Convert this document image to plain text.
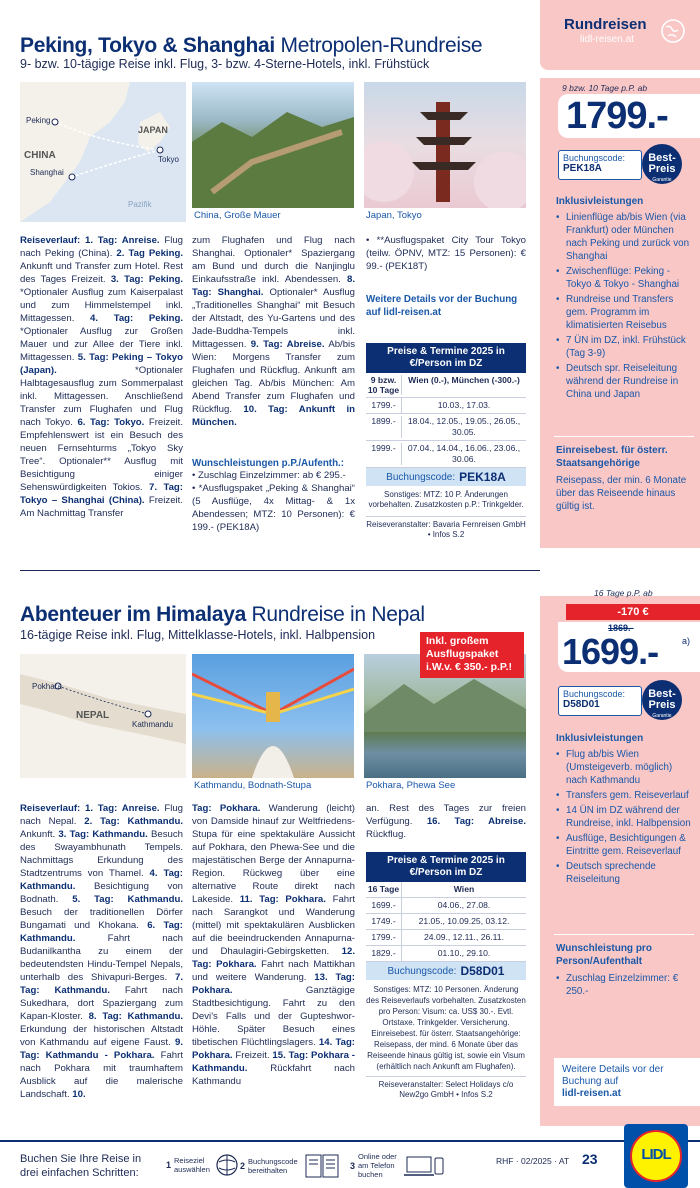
Rundreisen
lidl-reisen.at
Peking, Tokyo & Shanghai Metropolen-Rundreise
9- bzw. 10-tägige Reise inkl. Flug, 3- bzw. 4-Sterne-Hotels, inkl. Frühstück
Peking
JAPAN
CHINA	Tokyo
Shanghai
Pazifik
China, Große Mauer	Japan, Tokyo
Reiseverlauf: 1. Tag: Anreise. Flug nach Peking (China). 2. Tag Peking. Ankunft und Transfer zum Hotel. Rest des Tages Freizeit. 3. Tag: Peking. *Optionaler Ausflug zum Kaiserpalast und zum Himmelstempel inkl. Mittagessen. 4. Tag: Peking. *Optionaler Ausflug zur Großen Mauer und zur Allee der Tiere inkl. Mittagessen. 5. Tag: Peking – Tokyo (Japan). *Optionaler Halbtagesausflug zum Sommerpalast inkl. Mittagessen. Anschließend Transfer zum Flughafen und Flug nach Tokyo. 6. Tag: Tokyo. Freizeit. Empfehlenswert ist ein Besuch des neuen Fernsehturms „Tokyo Sky Tree“. Optionaler** Ausflug mit Besichtigung einiger Sehenswürdigkeiten Tokios. 7. Tag: Tokyo – Shanghai (China). Freizeit. Am Nachmittag Transfer
zum Flughafen und Flug nach Shanghai. Optionaler* Spaziergang am Bund und durch die Nanjinglu Einkaufsstraße inkl. Abendessen. 8. Tag: Shanghai. Optionaler* Ausflug „Traditionelles Shanghai“ mit Besuch der Altstadt, des Yu-Gartens und des Jade-Buddha-Tempels inkl. Mittagessen. 9. Tag: Abreise. Ab/bis Wien: Morgens Transfer zum Flughafen und Rückflug. Ankunft am gleichen Tag. Ab/bis München: Am Abend Transfer zum Flughafen und Rückflug. 10. Tag: Ankunft in München.
Wunschleistungen p.P./Aufenth.:
• Zuschlag Einzelzimmer: ab € 295.-
• *Ausflugspaket „Peking & Shanghai“ (5 Ausflüge, 4x Mittag- & 1x Abendessen; MTZ: 10 Personen): € 199.- (PEK18A)
• **Ausflugspaket City Tour Tokyo (teilw. ÖPNV, MTZ: 15 Personen): € 99.- (PEK18T)
Weitere Details vor der Buchung auf lidl-reisen.at
Preise & Termine 2025 in €/Person im DZ
9 bzw. 10 Tage
Wien (0.-), München (-300.-)
1799.-	10.03., 17.03.
1899.-	18.04., 12.05., 19.05., 26.05., 30.05.
1999.-	07.04., 14.04., 16.06., 23.06., 30.06.
Buchungscode: PEK18A
Sonstiges: MTZ: 10 P. Änderungen vorbehalten. Zusatzkosten p.P.: Trinkgelder.
Reiseveranstalter: Bavaria Fernreisen GmbH • Infos S.2
9 bzw. 10 Tage p.P. ab
1799.-
Buchungscode:
PEK18A
Best-
Preis
Garantie
Inklusivleistungen
• Linienflüge ab/bis Wien (via Frankfurt) oder München nach Peking und zurück von Shanghai
• Zwischenflüge: Peking - Tokyo & Tokyo - Shanghai
• Rundreise und Transfers gem. Programm im klimatisierten Reisebus
• 7 ÜN im DZ, inkl. Frühstück (Tag 3-9)
• Deutsch spr. Reiseleitung während der Rundreise in China und Japan
Einreisebest. für österr. Staatsangehörige
Reisepass, der min. 6 Monate über das Reiseende hinaus gültig ist.
Abenteuer im Himalaya Rundreise in Nepal
16-tägige Reise inkl. Flug, Mittelklasse-Hotels, inkl. Halbpension
Pokhara
NEPAL
Kathmandu
Kathmandu, Bodnath-Stupa	Pokhara, Phewa See
Inkl. großem Ausflugspaket i.W.v. € 350.- p.P.!
Reiseverlauf: 1. Tag: Anreise. Flug nach Nepal. 2. Tag: Kathmandu. Ankunft. 3. Tag: Kathmandu. Besuch des Swayambhunath Tempels. Nachmittags Erkundung des Stadtzentrums von Thamel. 4. Tag: Kathmandu. Besichtigung von Bodnath. 5. Tag: Kathmandu. Besuch der traditionellen Dörfer Bungamati und Khokana. 6. Tag: Kathmandu. Fahrt nach Budanilkantha zu einem der bedeutendsten Hindu-Tempel Nepals, unterhalb des Shivapuri-Berges. 7. Tag: Kathmandu. Fahrt nach Sukedhara, dort Spaziergang zum Kapan-Kloster. 8. Tag: Kathmandu. Erkundung der historischen Altstadt von Kathmandu auf eigene Faust. 9. Tag: Kathmandu - Pokhara. Fahrt nach Pokhara mit traumhaftem Ausblick auf die malerische Landschaft. 10.
Tag: Pokhara. Wanderung (leicht) von Damside hinauf zur Weltfriedens-Stupa für eine spektakuläre Aussicht auf Pokhara, den Phewa-See und die majestätischen Berge der Annapurna-Region. Rückweg über eine alternative Route direkt nach Lakeside. 11. Tag: Pokhara. Fahrt nach Sarangkot und Wanderung (mittel) mit spektakulären Ausblicken auf die beeindruckenden Annapurna- und Dhaulagiri-Gebirgsketten. 12. Tag: Pokhara. Fahrt nach Mattikhan und weitere Wanderung. 13. Tag: Pokhara. Ganztägige Stadtbesichtigung. Fahrt zu den Devi's Falls und der Gupteshwor-Höhle. Später Besuch eines tibetischen Flüchtlingslagers. 14. Tag: Pokhara. Freizeit. 15. Tag: Pokhara - Kathmandu. Rückfahrt nach Kathmandu
an. Rest des Tages zur freien Verfügung. 16. Tag: Abreise. Rückflug.
Preise & Termine 2025 in €/Person im DZ
16 Tage	Wien
1699.-	04.06., 27.08.
1749.-	21.05., 10.09.25, 03.12.
1799.-	24.09., 12.11., 26.11.
1829.-	01.10., 29.10.
Buchungscode: D58D01
Sonstiges: MTZ: 10 Personen. Änderung des Reiseverlaufs vorbehalten. Zusatzkosten pro Person: Visum: ca. US$ 30.-. Evtl. Ortstaxe. Trinkgelder. Versicherung. Einreisebest. für österr. Staatsangehörige: Reisepass, der mind. 6 Monate über das Reiseende hinaus gültig ist, sowie ein Visum (erhältlich nach Ankunft am Flughafen).
Reiseveranstalter: Select Holidays c/o New2go GmbH • Infos S.2
16 Tage p.P. ab
-170 €
1869.-
1699.-	a)
Buchungscode:
D58D01
Best-
Preis
Garantie
Inklusivleistungen
• Flug ab/bis Wien (Umsteigeverb. möglich) nach Kathmandu
• Transfers gem. Reiseverlauf
• 14 ÜN im DZ während der Rundreise, inkl. Halbpension
• Ausflüge, Besichtigungen & Eintritte gem. Reiseverlauf
• Deutsch sprechende Reiseleitung
Wunschleistung pro Person/Aufenthalt
• Zuschlag Einzelzimmer: € 250.-
Weitere Details vor der Buchung auf
lidl-reisen.at
Buchen Sie Ihre Reise in drei einfachen Schritten:
1 Reiseziel auswählen	2 Buchungscode bereithalten	3
Online oder am Telefon buchen
RHF · 02/2025 · AT 23	LIDL
